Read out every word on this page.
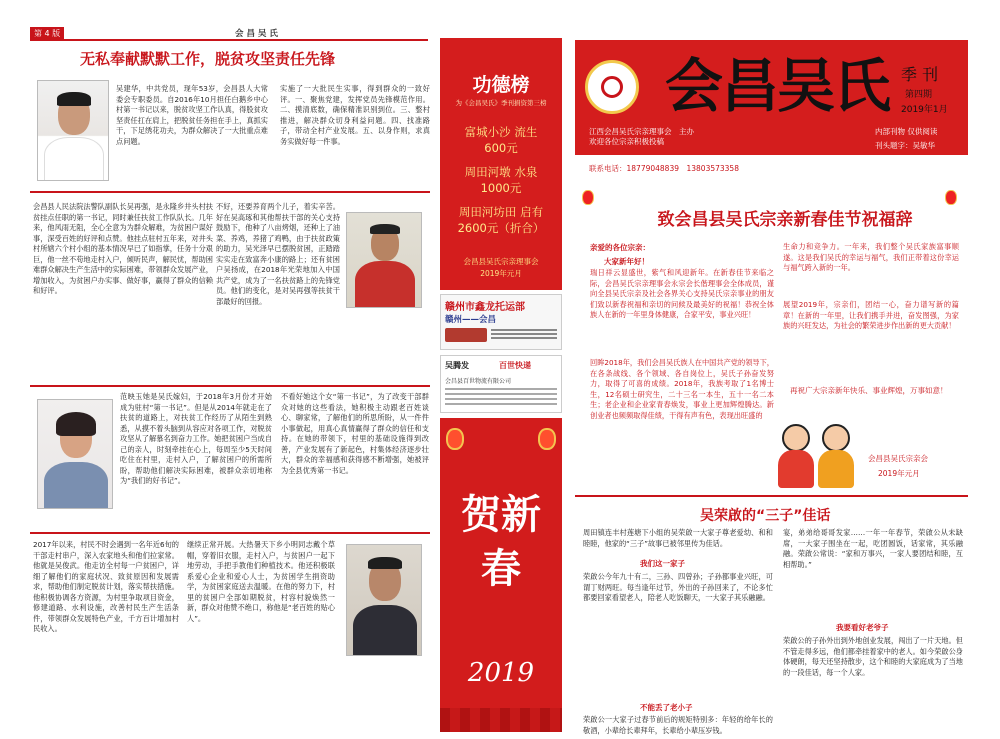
第 4 版	会 昌 吴 氏
无私奉献默默工作，脱贫攻坚责任先锋
吴建华，中共党员，现年53岁，会昌县人大常委会专职委员。自2016年10月担任白鹅乡中心村第一书记以来，脱贫攻坚工作认真，得股贫攻坚责任扛在肩上，把脱贫任务担在手上，真抓实干，下足绣花功夫，为群众解决了一大批重点难点问题。
实施了一大批民生实事，得到群众的一致好评。一、聚焦党建，发挥党员先锋模范作用。二、摸清底数，确保精准识别到位。三、整村推进，解决群众切身利益问题。四、找准路子，带动全村产业发展。五、以身作则，求真务实做好每一件事。
会昌县人民法院法警队副队长吴再强，是永隆乡井头村扶贫挂点任职的第一书记，同时兼任扶贫工作队队长。几年来，他风雨无阻，全心全意为为群众解难，为贫困户谋好事，深受百姓的好评和点赞。他挂点驻村五年来，对井头村所辖六个村小组的基本情况早已了如指掌，任务十分艰巨，他一丝不苟地走村入户，倾听民声，解民忧，帮助困难群众解决生产生活中的实际困难，带领群众发展产业，增加收入，为贫困户办实事、做好事，赢得了群众的信赖和好评。
不好，还要养育两个儿子，着实辛苦。好在吴高琢和其他帮扶干部的关心支持鼓励下，他种了八亩烤烟，还种上了油菜、养鸡，养猪了鸡鸭，由于扶贫政策的助力，吴光泽早已摆脱贫困，正踏踏实实走在致富奔小康的路上；还有贫困户吴扬成，在2018年光荣地加入中国共产党，成为了一名扶贫路上的先锋党员。他们的变化，是对吴再强等扶贫干部最好的回报。
范映玉她是吴氏嫁妇，于2018年3月份才开始成为驻村“第一书记”。但是从2014年就走在了扶贫的道路上，对扶贫工作经历了从陌生到熟悉，从摸不着头脑到从容应对各项工作，对脱贫攻坚从了解慕名到奋力工作。她把贫困户当成自己的亲人，时刻牵挂在心上，每周至少5天时间吃住在村里，走村入户，了解贫困户的所需所盼，帮助他们解决实际困难，被群众亲切地称为“我们的好书记”。
不看好她这个女“第一书记”，为了改变干部群众对她的这些看法，她积极主动跟老百姓谈心、聊家常，了解他们的所思所盼，从一件件小事做起，用真心真情赢得了群众的信任和支持。在她的带领下，村里的基础设施得到改善，产业发展有了新起色，村集体经济逐步壮大，群众的幸福感和获得感不断增强，她被评为全县优秀第一书记。
2017年以来，村民不时会遇到一名年近6旬的干部走村串户，深入农家地头和他们拉家常。他就是吴俊武。他走访全村每一户贫困户，详细了解他们的家庭状况、致贫原因和发展需求，帮助他们制定脱贫计划，落实帮扶措施。他积极协调各方资源，为村里争取项目资金，修建道路、水利设施，改善村民生产生活条件，带领群众发展特色产业，千方百计增加村民收入。
继续正常开展。大热暑天下乡小明同志戴个草帽，穿着旧衣服，走村入户，与贫困户一起下地劳动，手把手教他们种植技术。他还积极联系爱心企业和爱心人士，为贫困学生捐资助学，为贫困家庭送去温暖。在他的努力下，村里的贫困户全部如期脱贫，村容村貌焕然一新，群众对他赞不绝口，称他是“老百姓的贴心人”。
功德榜
为《会昌吴氏》季刊捐资第三榜
富城小沙 流生
600元
周田河墩 水泉
1000元
周田河坊田 启有
2600元（折合）
会昌县吴氏宗亲理事会
2019年元月
赣州市鑫龙托运部
赣州——会昌
吴腾发	百世快递
会昌县百世物流有限公司
贺新春
2019
会昌吴氏 季 刊
第四期
2019年1月
江西会昌吴氏宗亲理事会　主办
欢迎各位宗亲积极投稿
内部刊物 仅供阅读
刊头题字：吴敏华
联系电话：18779048839　13803573358
致会昌县吴氏宗亲新春佳节祝福辞
亲爱的各位宗亲：
大家新年好！
瑞日祥云显盛世，紫气和风迎新年。在新春佳节来临之际，会昌吴氏宗亲理事会永宗会长偕理事会全体成员，谨向全县吴氏宗亲及社会各界关心支持吴氏宗亲事业的朋友们致以新春祝福和亲切的问候及最美好的祝福！恭祝全体族人在新的一年里身体健康，合家平安，事业兴旺！
回眸2018年，我们会昌吴氏族人在中国共产党的领导下，在各条战线、各个领域、各自岗位上，吴氏子孙奋发努力，取得了可喜的成绩。2018年，我族考取了1名博士生，12名硕士研究生，二十三名一本生，五十一名二本生；老企业和企业家青春焕发，事业上更加辉煌腾达。新创业者也频频取得佳绩，干得有声有色，表现出旺盛的
生命力和竞争力。一年来，我们整个吴氏家族富事顺遂。这是我们吴氏的幸运与福气，我们正带着这份幸运与福气跨入新的一年。
展望2019年，宗亲们，团结一心，奋力谱写新的篇章！在新的一年里，让我们携手并进，奋发图强，为家族的兴旺发达，为社会的繁荣进步作出新的更大贡献！
再祝广大宗亲新年快乐、事业辉煌，万事如意！
会昌县吴氏宗亲会
2019年元月
吴荣啟的“三子”佳话
周田镇连丰村莲塘下小组的吴荣啟一大家子尊老爱幼、和和睦睦，他家的“三子”故事已被邻里传为佳话。
我们这一家子
荣啟公今年九十有二，三孙、四曾孙；子孙都事业兴旺，可谓丁财两旺。每当逢年过节，外出的子孙回来了，不论多忙都要回家看望老人，陪老人吃饭聊天，一大家子其乐融融。
不能丢了老小子
荣啟公一大家子过春节前后的规矩特别多：年轻的给年长的敬酒，小辈给长辈拜年，长辈给小辈压岁钱。
宴，弟弟给哥哥发家……一年一年春节，荣啟公从未缺席，一大家子围坐在一起，吃团圆饭，话家常，其乐融融。荣啟公常说：“家和万事兴，一家人要团结和睦，互相帮助。”
我要看好老爷子
荣啟公的子孙外出到外地创业发展，闯出了一片天地。但不管走得多远，他们都牵挂着家中的老人。如今荣啟公身体硬朗，每天还坚持散步，这个和睦的大家庭成为了当地的一段佳话，每一个人家。
